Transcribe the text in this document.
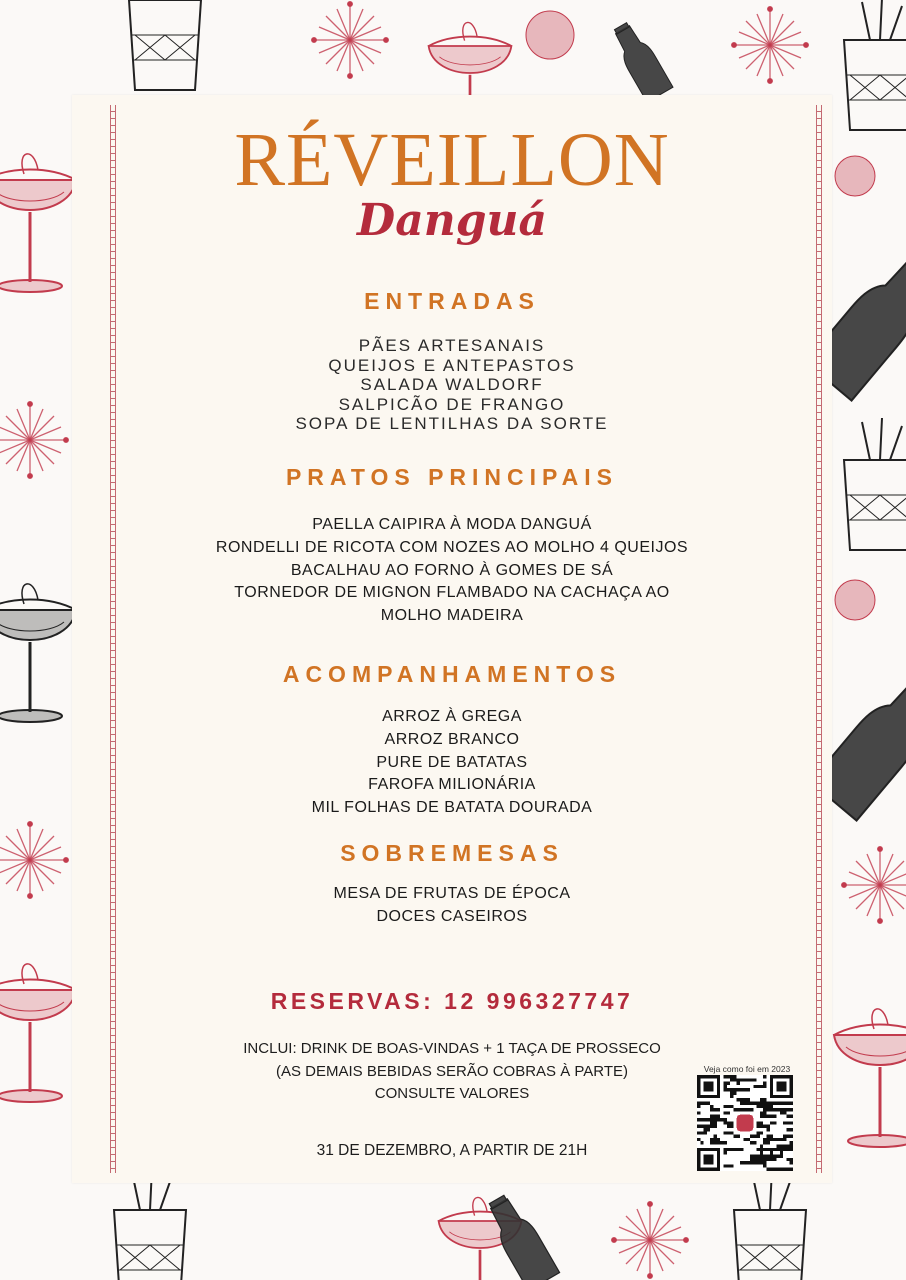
RÉVEILLON
Danguá
ENTRADAS
PÃES ARTESANAIS
QUEIJOS E ANTEPASTOS
SALADA WALDORF
SALPICÃO DE FRANGO
SOPA DE LENTILHAS DA SORTE
PRATOS PRINCIPAIS
PAELLA CAIPIRA À MODA DANGUÁ
RONDELLI DE RICOTA COM NOZES AO MOLHO 4 QUEIJOS
BACALHAU AO FORNO À GOMES DE SÁ
TORNEDOR DE MIGNON FLAMBADO NA CACHAÇA AO
MOLHO MADEIRA
ACOMPANHAMENTOS
ARROZ À GREGA
ARROZ BRANCO
PURE DE BATATAS
FAROFA MILIONÁRIA
MIL FOLHAS DE BATATA DOURADA
SOBREMESAS
MESA DE FRUTAS DE ÉPOCA
DOCES CASEIROS
RESERVAS: 12 996327747
INCLUI: DRINK DE BOAS-VINDAS + 1 TAÇA DE PROSSECO
(AS DEMAIS BEBIDAS SERÃO COBRAS À PARTE)
CONSULTE VALORES
31 DE DEZEMBRO, A PARTIR DE 21H
Veja como foi em 2023
